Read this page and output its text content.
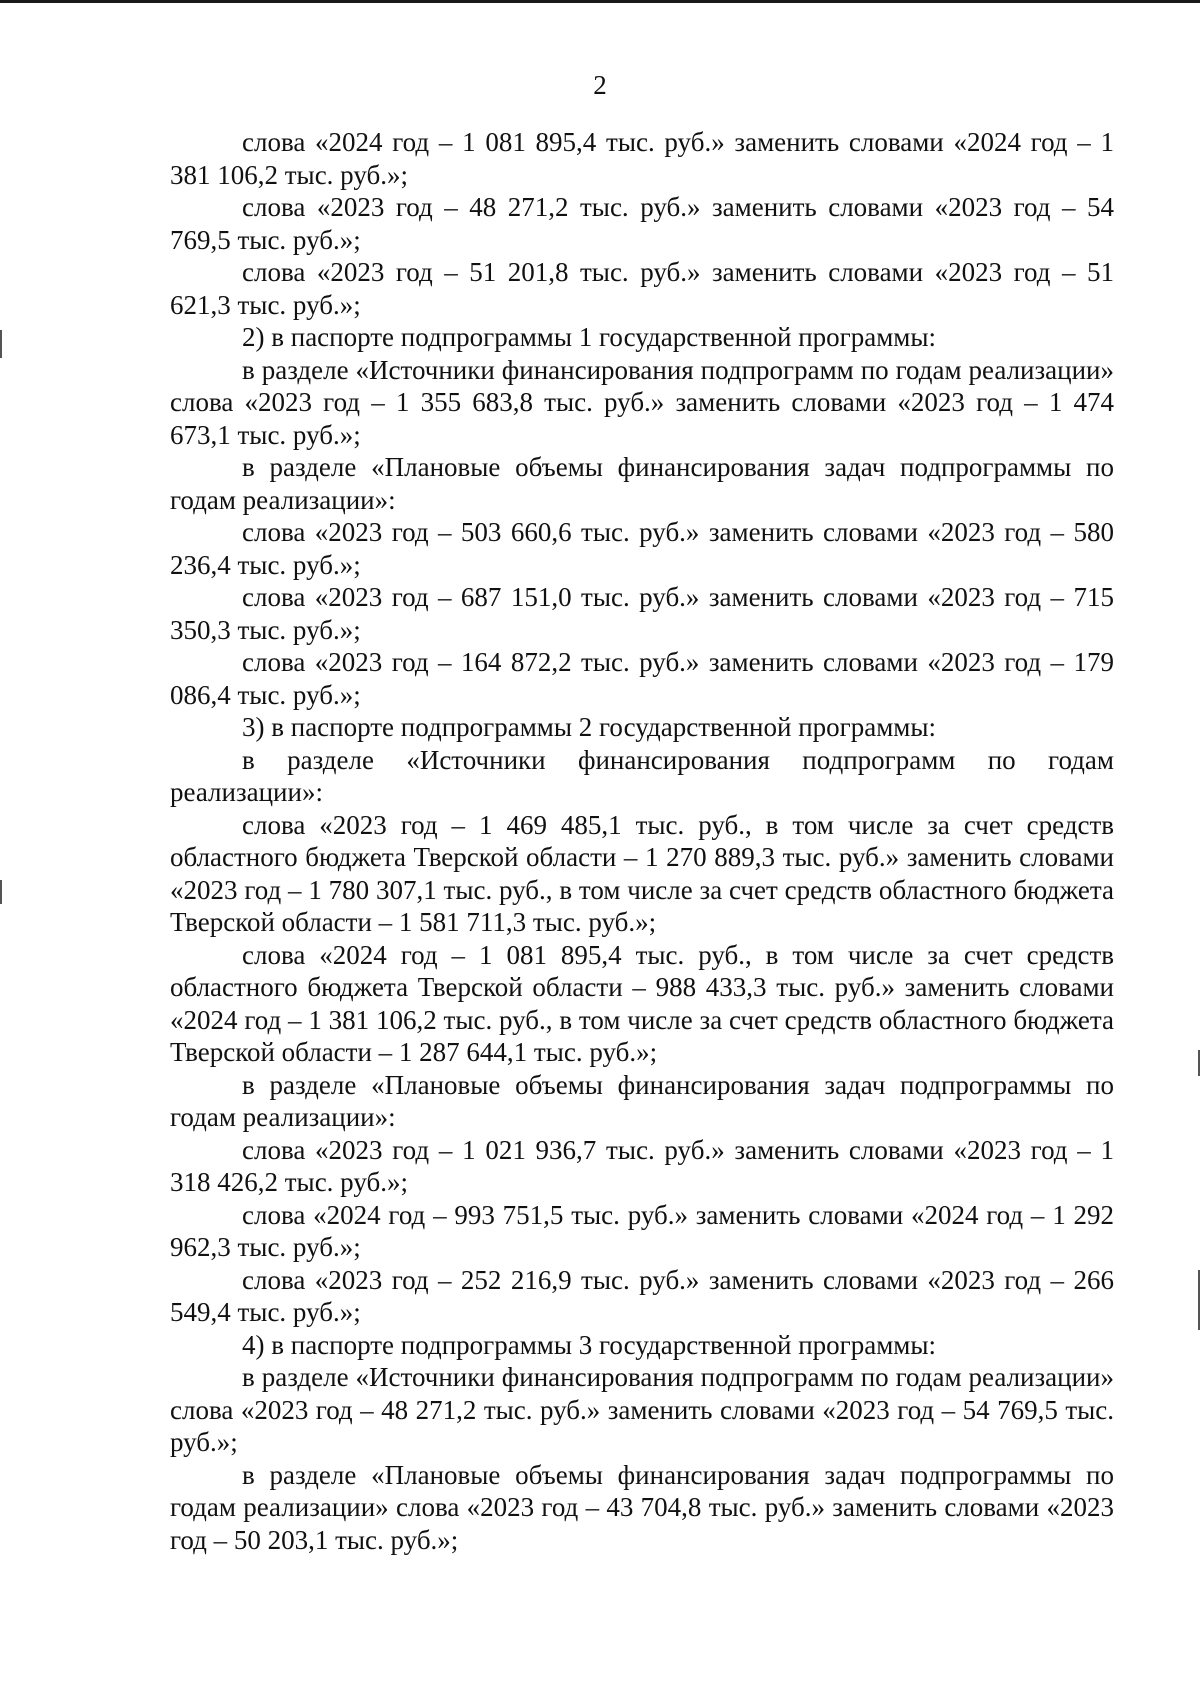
2

слова «2024 год – 1 081 895,4 тыс. руб.» заменить словами «2024 год – 1 381 106,2 тыс. руб.»;

слова «2023 год – 48 271,2 тыс. руб.» заменить словами «2023 год – 54 769,5 тыс. руб.»;

слова «2023 год – 51 201,8 тыс. руб.» заменить словами «2023 год – 51 621,3 тыс. руб.»;

2) в паспорте подпрограммы 1 государственной программы:

в разделе «Источники финансирования подпрограмм по годам реализации» слова «2023 год – 1 355 683,8 тыс. руб.» заменить словами «2023 год – 1 474 673,1 тыс. руб.»;

в разделе «Плановые объемы финансирования задач подпрограммы по годам реализации»:

слова «2023 год – 503 660,6 тыс. руб.» заменить словами «2023 год – 580 236,4 тыс. руб.»;

слова «2023 год – 687 151,0 тыс. руб.» заменить словами «2023 год – 715 350,3 тыс. руб.»;

слова «2023 год – 164 872,2 тыс. руб.» заменить словами «2023 год – 179 086,4 тыс. руб.»;

3) в паспорте подпрограммы 2 государственной программы:

в разделе «Источники финансирования подпрограмм по годам реализации»:

слова «2023 год – 1 469 485,1 тыс. руб., в том числе за счет средств областного бюджета Тверской области – 1 270 889,3 тыс. руб.» заменить словами «2023 год – 1 780 307,1 тыс. руб., в том числе за счет средств областного бюджета Тверской области – 1 581 711,3 тыс. руб.»;

слова «2024 год – 1 081 895,4 тыс. руб., в том числе за счет средств областного бюджета Тверской области – 988 433,3 тыс. руб.» заменить словами «2024 год – 1 381 106,2 тыс. руб., в том числе за счет средств областного бюджета Тверской области – 1 287 644,1 тыс. руб.»;

в разделе «Плановые объемы финансирования задач подпрограммы по годам реализации»:

слова «2023 год – 1 021 936,7 тыс. руб.» заменить словами «2023 год – 1 318 426,2 тыс. руб.»;

слова «2024 год – 993 751,5 тыс. руб.» заменить словами «2024 год – 1 292 962,3 тыс. руб.»;

слова «2023 год – 252 216,9 тыс. руб.» заменить словами «2023 год – 266 549,4 тыс. руб.»;

4) в паспорте подпрограммы 3 государственной программы:

в разделе «Источники финансирования подпрограмм по годам реализации» слова «2023 год – 48 271,2 тыс. руб.» заменить словами «2023 год – 54 769,5 тыс. руб.»;

в разделе «Плановые объемы финансирования задач подпрограммы по годам реализации» слова «2023 год – 43 704,8 тыс. руб.» заменить словами «2023 год – 50 203,1 тыс. руб.»;
